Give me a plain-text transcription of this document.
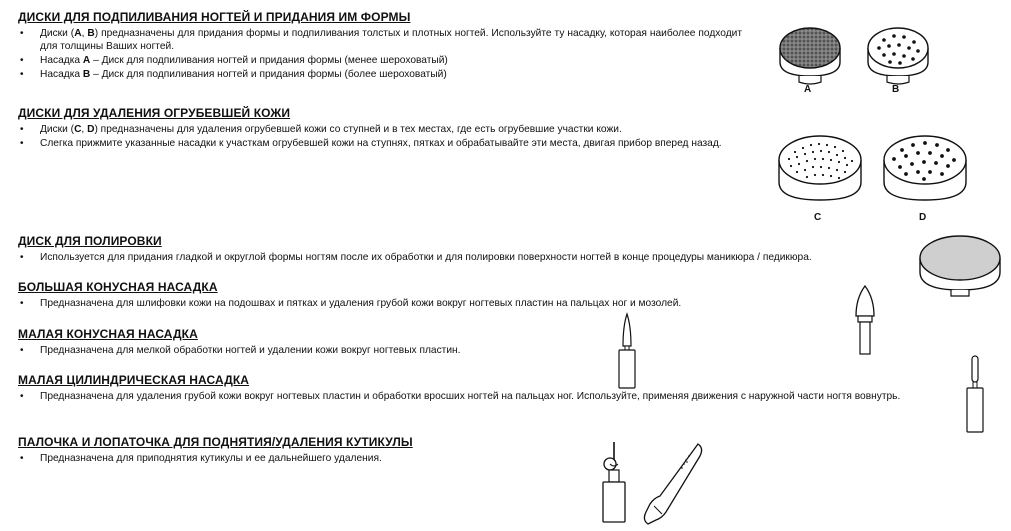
ДИСКИ ДЛЯ ПОДПИЛИВАНИЯ НОГТЕЙ И ПРИДАНИЯ ИМ ФОРМЫ
• Диски (А, В) предназначены для придания формы и подпиливания толстых и плотных ногтей. Используйте ту насадку, которая наиболее подходит для толщины Ваших ногтей.
• Насадка А – Диск для подпиливания ногтей и придания формы (менее шероховатый)
• Насадка В – Диск для подпиливания ногтей и придания формы (более шероховатый)
ДИСКИ ДЛЯ УДАЛЕНИЯ ОГРУБЕВШЕЙ КОЖИ
• Диски (С, D) предназначены для удаления огрубевшей кожи со ступней и в тех местах, где есть огрубевшие участки кожи.
• Слегка прижмите указанные насадки к участкам огрубевшей кожи на ступнях, пятках и обрабатывайте эти места, двигая прибор вперед назад.
ДИСК ДЛЯ ПОЛИРОВКИ
• Используется для придания гладкой и округлой формы ногтям после их обработки и для полировки поверхности ногтей в конце процедуры маникюра / педикюра.
БОЛЬШАЯ КОНУСНАЯ НАСАДКА
• Предназначена для шлифовки кожи на подошвах и пятках и удаления грубой кожи вокруг ногтевых пластин на пальцах ног и мозолей.
МАЛАЯ КОНУСНАЯ НАСАДКА
• Предназначена для мелкой обработки ногтей и удалении кожи вокруг ногтевых пластин.
МАЛАЯ ЦИЛИНДРИЧЕСКАЯ НАСАДКА
• Предназначена для удаления грубой кожи вокруг ногтевых пластин и обработки вросших ногтей на пальцах ног. Используйте, применяя движения с наружной части ногтя вовнутрь.
ПАЛОЧКА И ЛОПАТОЧКА ДЛЯ ПОДНЯТИЯ/УДАЛЕНИЯ КУТИКУЛЫ
• Предназначена для приподнятия кутикулы и ее дальнейшего удаления.
A	B
C	D
